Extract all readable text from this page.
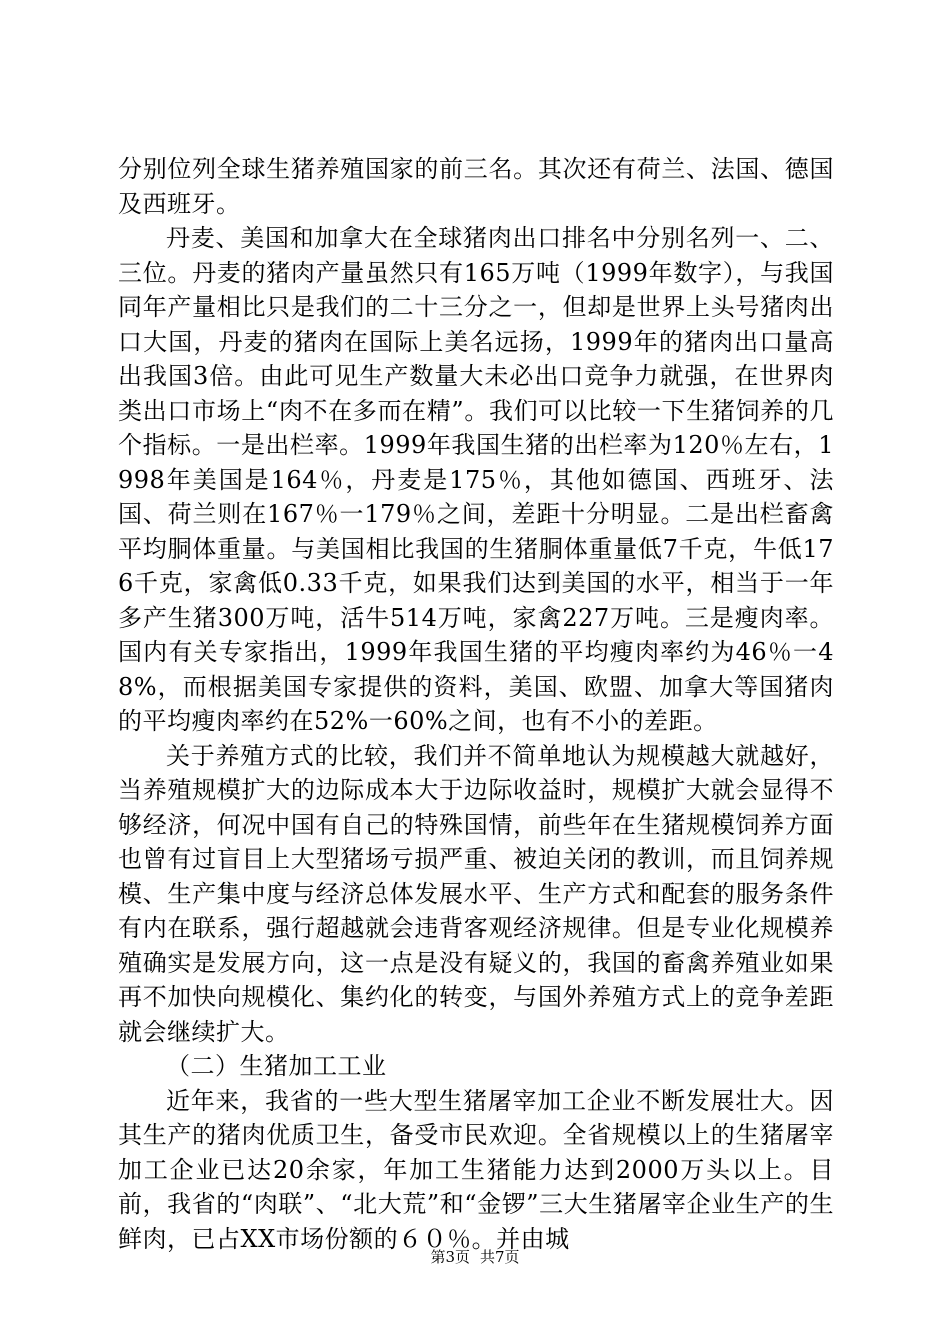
分别位列全球生猪养殖国家的前三名。其次还有荷兰、法国、德国及西班牙。

丹麦、美国和加拿大在全球猪肉出口排名中分别名列一、二、三位。丹麦的猪肉产量虽然只有165万吨（1999年数字），与我国同年产量相比只是我们的二十三分之一，但却是世界上头号猪肉出口大国，丹麦的猪肉在国际上美名远扬，1999年的猪肉出口量高出我国3倍。由此可见生产数量大未必出口竞争力就强，在世界肉类出口市场上“肉不在多而在精”。我们可以比较一下生猪饲养的几个指标。一是出栏率。1999年我国生猪的出栏率为120％左右，1998年美国是164％，丹麦是175％，其他如德国、西班牙、法国、荷兰则在167％一179％之间，差距十分明显。二是出栏畜禽平均胴体重量。与美国相比我国的生猪胴体重量低7千克，牛低176千克，家禽低0.33千克，如果我们达到美国的水平，相当于一年多产生猪300万吨，活牛514万吨，家禽227万吨。三是瘦肉率。国内有关专家指出，1999年我国生猪的平均瘦肉率约为46％一48%，而根据美国专家提供的资料，美国、欧盟、加拿大等国猪肉的平均瘦肉率约在52%一60%之间，也有不小的差距。

关于养殖方式的比较，我们并不简单地认为规模越大就越好，当养殖规模扩大的边际成本大于边际收益时，规模扩大就会显得不够经济，何况中国有自己的特殊国情，前些年在生猪规模饲养方面也曾有过盲目上大型猪场亏损严重、被迫关闭的教训，而且饲养规模、生产集中度与经济总体发展水平、生产方式和配套的服务条件有内在联系，强行超越就会违背客观经济规律。但是专业化规模养殖确实是发展方向，这一点是没有疑义的，我国的畜禽养殖业如果再不加快向规模化、集约化的转变，与国外养殖方式上的竞争差距就会继续扩大。

（二）生猪加工工业

近年来，我省的一些大型生猪屠宰加工企业不断发展壮大。因其生产的猪肉优质卫生，备受市民欢迎。全省规模以上的生猪屠宰加工企业已达20余家，年加工生猪能力达到2000万头以上。目前，我省的“肉联”、“北大荒”和“金锣”三大生猪屠宰企业生产的生鲜肉，已占XX市场份额的６０％。并由城

第3页 共7页
